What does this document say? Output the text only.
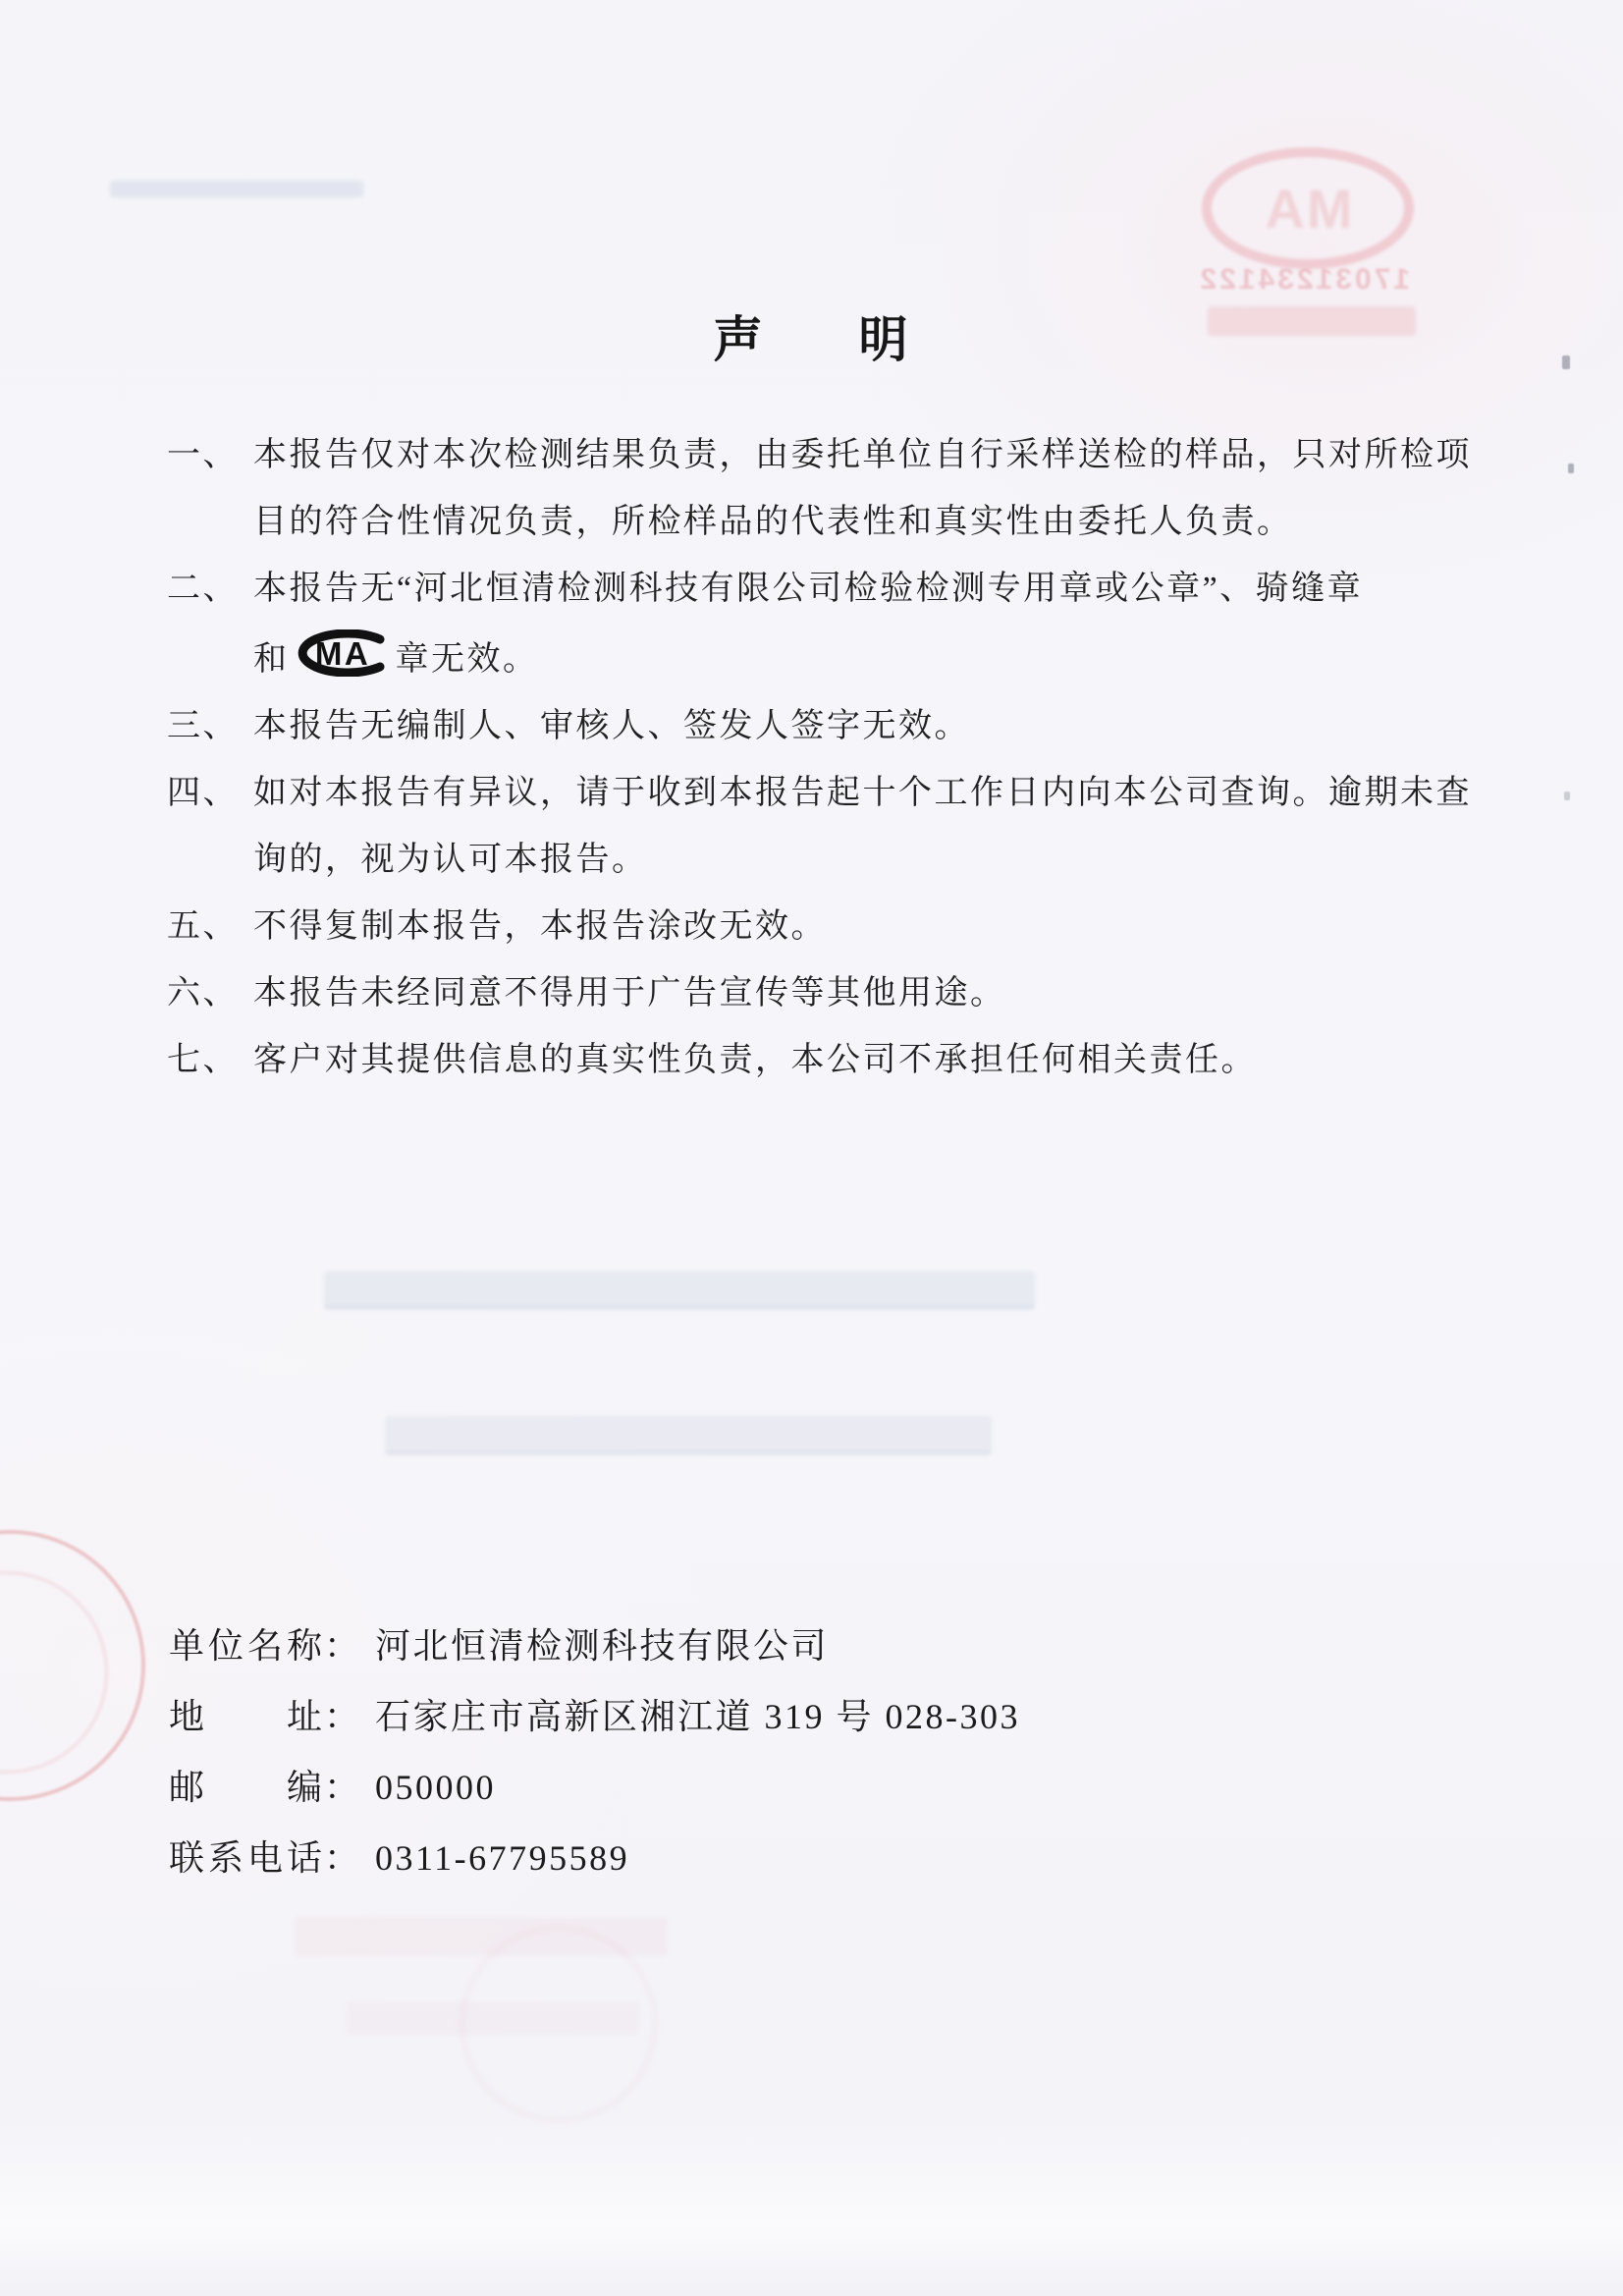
MA
17031234122
声 明
一、 本报告仅对本次检测结果负责，由委托单位自行采样送检的样品，只对所检项目的符合性情况负责，所检样品的代表性和真实性由委托人负责。
二、 本报告无“河北恒清检测科技有限公司检验检测专用章或公章”、骑缝章
和 MA 章无效。
三、 本报告无编制人、审核人、签发人签字无效。
四、 如对本报告有异议，请于收到本报告起十个工作日内向本公司查询。逾期未查询的，视为认可本报告。
五、 不得复制本报告，本报告涂改无效。
六、 本报告未经同意不得用于广告宣传等其他用途。
七、 客户对其提供信息的真实性负责，本公司不承担任何相关责任。
单 位 名 称 ： 河北恒清检测科技有限公司
地 址 ： 石家庄市高新区湘江道 319 号 028-303
邮 编 ： 050000
联 系 电 话 ： 0311-67795589
